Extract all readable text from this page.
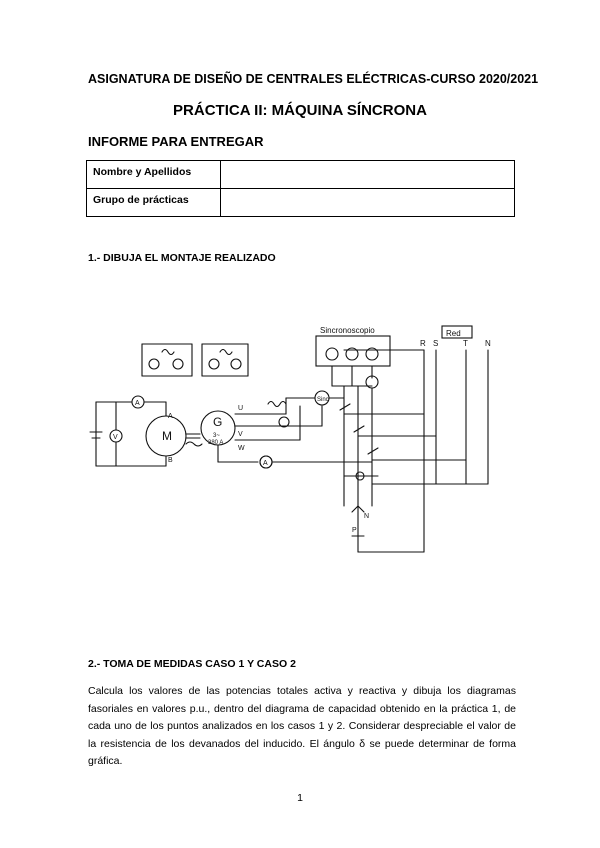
ASIGNATURA DE DISEÑO DE CENTRALES ELÉCTRICAS-CURSO 2020/2021
PRÁCTICA II: MÁQUINA SÍNCRONA
INFORME PARA ENTREGAR
Nombre y Apellidos	
Grupo de prácticas	
1.- DIBUJA EL MONTAJE REALIZADO
M
G
3~
380 A
A
V
A
Sinc
Sincronoscopio	Red
R S	T N
A
B
U
V
W
N
P
2.- TOMA DE MEDIDAS CASO 1 Y CASO 2
Calcula los valores de las potencias totales activa y reactiva y dibuja los diagramas fasoriales en valores p.u., dentro del diagrama de capacidad obtenido en la práctica 1, de cada uno de los puntos analizados en los casos 1 y 2. Considerar despreciable el valor de la resistencia de los devanados del inducido. El ángulo δ se puede determinar de forma gráfica.
1
